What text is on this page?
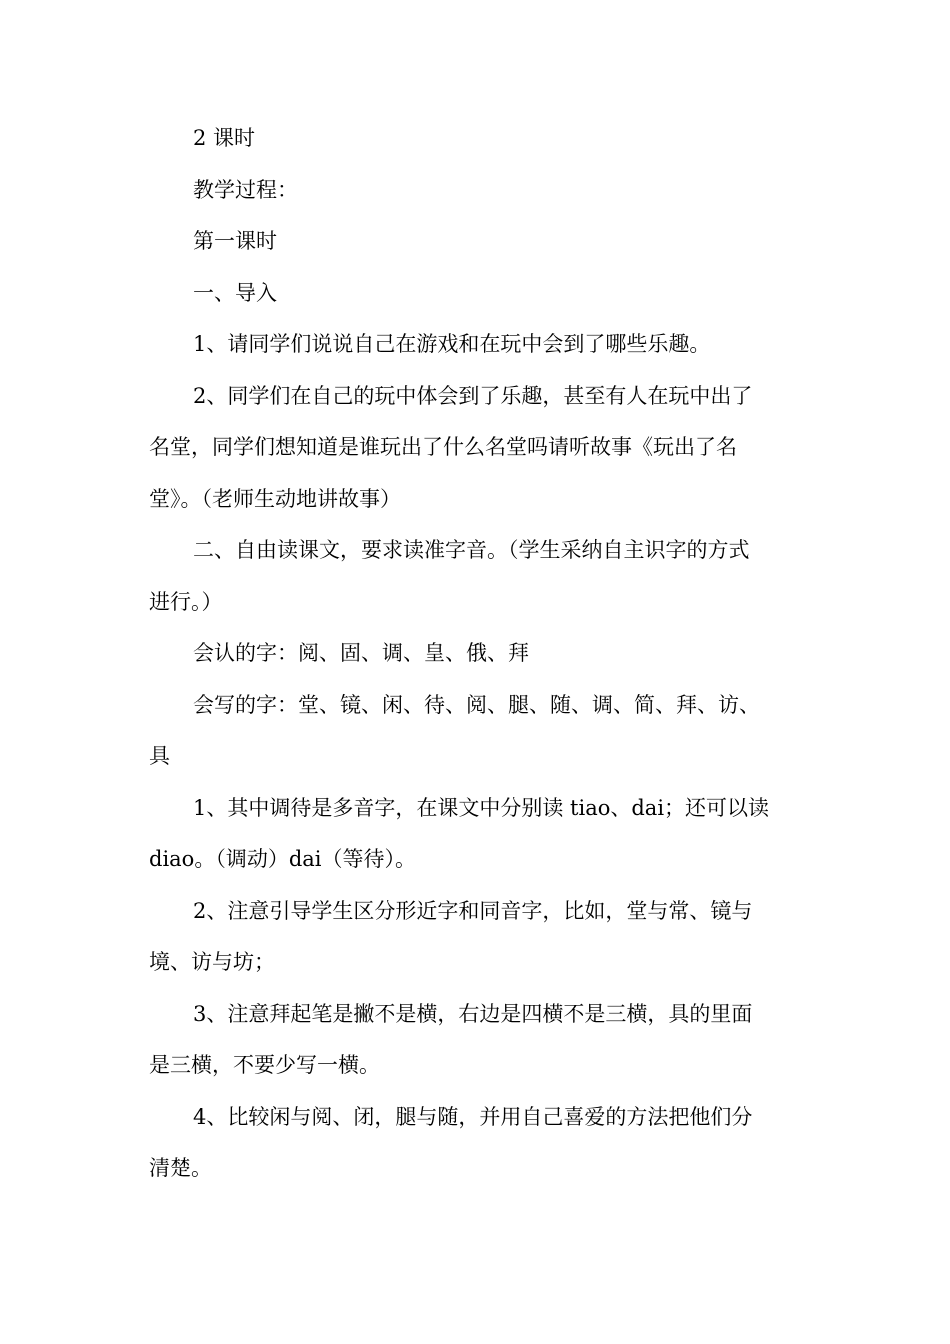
2 课时

教学过程：

第一课时

一、导入

1、请同学们说说自己在游戏和在玩中会到了哪些乐趣。

2、同学们在自己的玩中体会到了乐趣，甚至有人在玩中出了

名堂，同学们想知道是谁玩出了什么名堂吗请听故事《玩出了名

堂》。（老师生动地讲故事）

二、自由读课文，要求读准字音。（学生采纳自主识字的方式

进行。）

会认的字：阅、固、调、皇、俄、拜

会写的字：堂、镜、闲、待、阅、腿、随、调、简、拜、访、

具

1、其中调待是多音字，在课文中分别读 tiao、dai；还可以读

diao。（调动）dai（等待）。

2、注意引导学生区分形近字和同音字，比如，堂与常、镜与

境、访与坊；

3、注意拜起笔是撇不是横，右边是四横不是三横，具的里面

是三横，不要少写一横。

4、比较闲与阅、闭，腿与随，并用自己喜爱的方法把他们分

清楚。
